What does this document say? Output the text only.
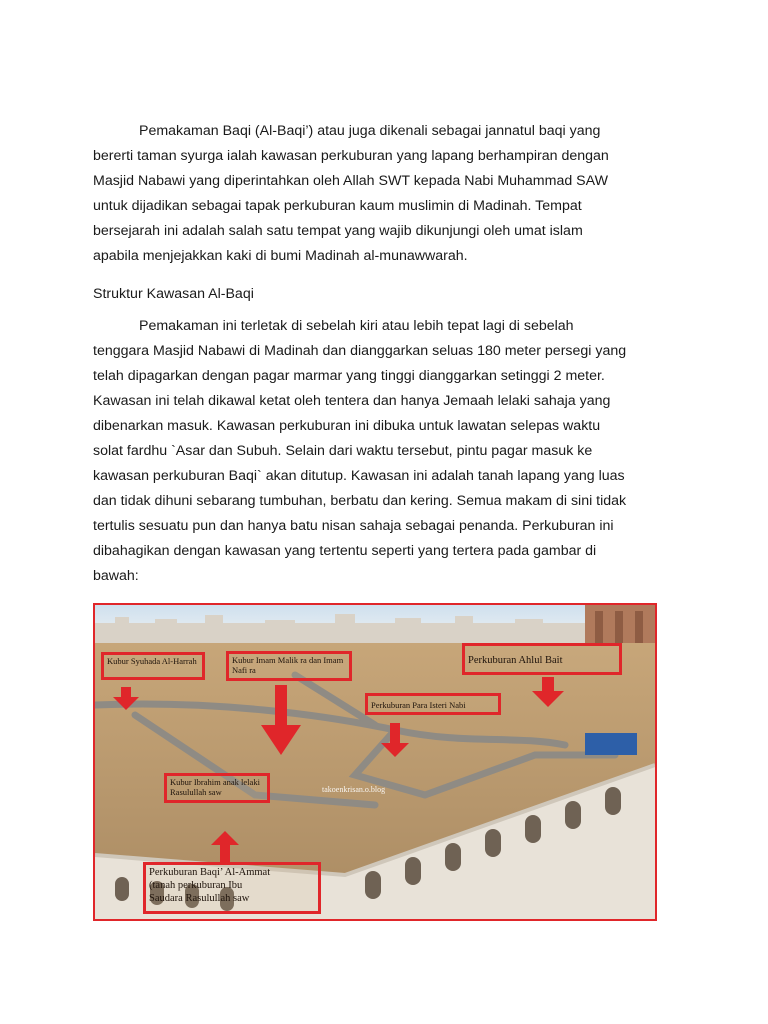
Pemakaman Baqi (Al-Baqi’) atau juga dikenali sebagai jannatul baqi yang
bererti taman syurga ialah kawasan perkuburan yang lapang berhampiran dengan
Masjid Nabawi yang diperintahkan oleh Allah SWT kepada Nabi Muhammad SAW
untuk dijadikan sebagai tapak perkuburan kaum muslimin di Madinah. Tempat
bersejarah ini adalah salah satu tempat yang wajib dikunjungi oleh umat islam
apabila menjejakkan kaki di bumi Madinah al-munawwarah.
Struktur Kawasan Al-Baqi
Pemakaman ini terletak di sebelah kiri atau lebih tepat lagi di sebelah
tenggara Masjid Nabawi di Madinah dan dianggarkan seluas 180 meter persegi yang
telah dipagarkan dengan pagar marmar yang tinggi dianggarkan setinggi 2 meter.
Kawasan ini telah dikawal ketat oleh tentera dan hanya Jemaah lelaki sahaja yang
dibenarkan masuk. Kawasan perkuburan ini dibuka untuk lawatan selepas waktu
solat fardhu `Asar dan Subuh. Selain dari waktu tersebut, pintu pagar masuk ke
kawasan perkuburan Baqi` akan ditutup. Kawasan ini adalah tanah lapang yang luas
dan tidak dihuni sebarang tumbuhan, berbatu dan kering. Semua makam di sini tidak
tertulis sesuatu pun dan hanya batu nisan sahaja sebagai penanda. Perkuburan ini
dibahagikan dengan kawasan yang tertentu seperti yang tertera pada gambar di
bawah:
Kubur Syuhada Al-Harrah	Kubur Imam Malik ra dan Imam Nafi ra
Perkuburan Ahlul Bait
Perkuburan Para Isteri Nabi
Kubur Ibrahim anak lelaki Rasulullah saw
Perkuburan Baqi’ Al-Ammat
(tanah perkuburan Ibu
Saudara Rasulullah saw
takoenkrisan.o.blog
